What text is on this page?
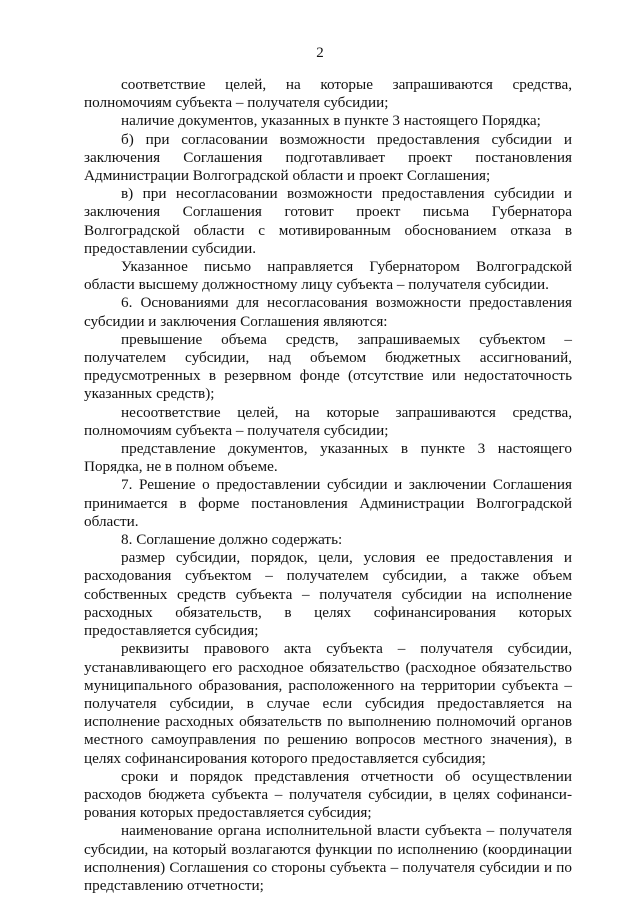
2

соответствие целей, на которые запрашиваются средства, полномочиям субъекта – получателя субсидии;

наличие документов, указанных в пункте 3 настоящего Порядка;

б) при согласовании возможности предоставления субсидии и заключения Соглашения подготавливает проект постановления Администрации Волгоградской области и проект Соглашения;

в) при несогласовании возможности предоставления субсидии и заключения Соглашения готовит проект письма Губернатора Волгоградской области с мотивированным обоснованием отказа в предоставлении субсидии.

Указанное письмо направляется Губернатором Волгоградской области высшему должностному лицу субъекта – получателя субсидии.

6. Основаниями для несогласования возможности предоставления субсидии и заключения Соглашения являются:

превышение объема средств, запрашиваемых субъектом – получателем субсидии, над объемом бюджетных ассигнований, предусмотренных в резервном фонде (отсутствие или недостаточность указанных средств);

несоответствие целей, на которые запрашиваются средства, полномочиям субъекта – получателя субсидии;

представление документов, указанных в пункте 3 настоящего Порядка, не в полном объеме.

7. Решение о предоставлении субсидии и заключении Соглашения принимается в форме постановления Администрации Волгоградской области.

8. Соглашение должно содержать:

размер субсидии, порядок, цели, условия ее предоставления и расходования субъектом – получателем субсидии, а также объем собственных средств субъекта – получателя субсидии на исполнение расходных обязательств, в целях софинансирования которых предоставляется субсидия;

реквизиты правового акта субъекта – получателя субсидии, устанавливающего его расходное обязательство (расходное обязательство муниципального образования, расположенного на территории субъекта – получателя субсидии, в случае если субсидия предоставляется на исполнение расходных обязательств по выполнению полномочий органов местного самоуправления по решению вопросов местного значения), в целях софинансирования которого предоставляется субсидия;

сроки и порядок представления отчетности об осуществлении расходов бюджета субъекта – получателя субсидии, в целях софинансирования которых предоставляется субсидия;

наименование органа исполнительной власти субъекта – получателя субсидии, на который возлагаются функции по исполнению (координации исполнения) Соглашения со стороны субъекта – получателя субсидии и по представлению отчетности;
